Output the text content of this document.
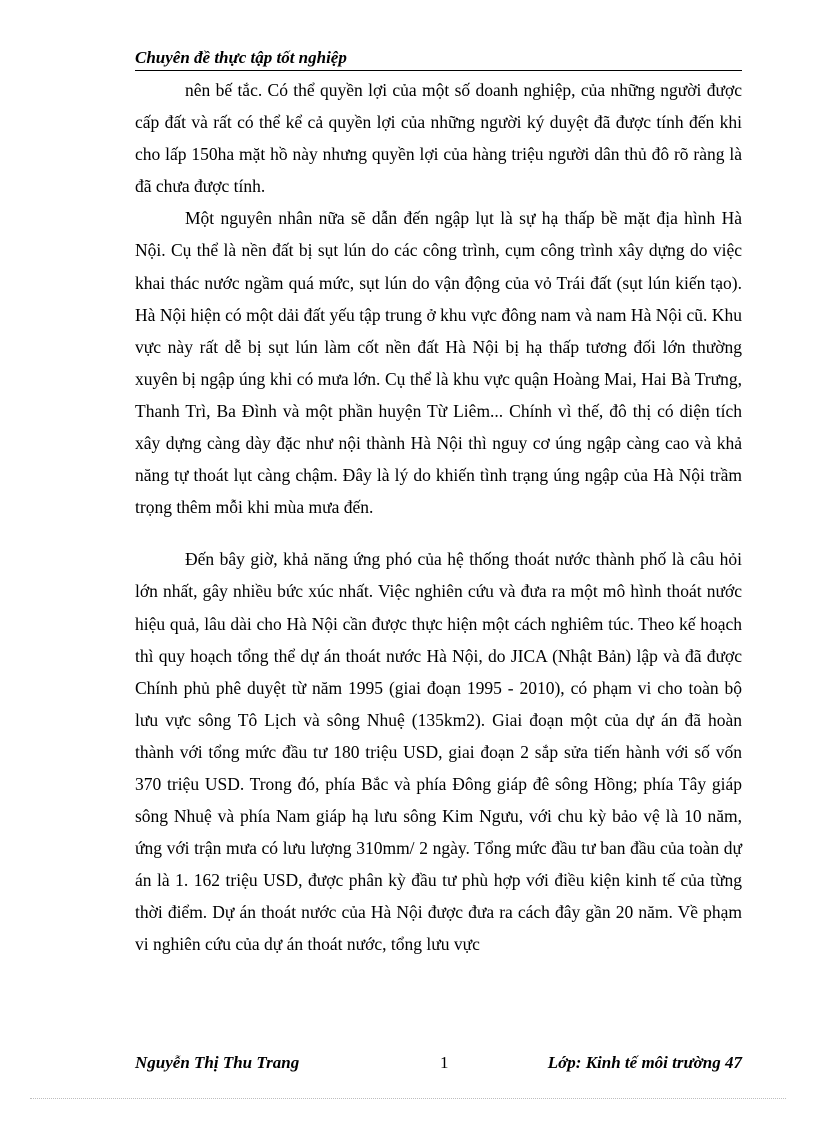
Chuyên đề thực tập tốt nghiệp

nên bế tắc. Có thể quyền lợi của một số doanh nghiệp, của những người được cấp đất và rất có thể kể cả quyền lợi của những người ký duyệt đã được tính đến khi cho lấp 150ha mặt hồ này nhưng quyền lợi của hàng triệu người dân thủ đô rõ ràng là đã chưa được tính.

Một nguyên nhân nữa sẽ dẫn đến ngập lụt là sự hạ thấp bề mặt địa hình Hà Nội. Cụ thể là nền đất bị sụt lún do các công trình, cụm công trình xây dựng do việc khai thác nước ngầm quá mức, sụt lún do vận động của vỏ Trái đất (sụt lún kiến tạo). Hà Nội hiện có một dải đất yếu tập trung ở khu vực đông nam và nam Hà Nội cũ. Khu vực này rất dễ bị sụt lún làm cốt nền đất Hà Nội bị hạ thấp tương đối lớn thường xuyên bị ngập úng khi có mưa lớn. Cụ thể là khu vực quận Hoàng Mai, Hai Bà Trưng, Thanh Trì, Ba Đình và một phần huyện Từ Liêm... Chính vì thế, đô thị có diện tích xây dựng càng dày đặc như nội thành Hà Nội thì nguy cơ úng ngập càng cao và khả năng tự thoát lụt càng chậm. Đây là lý do khiến tình trạng úng ngập của Hà Nội trầm trọng thêm mỗi khi mùa mưa đến.

Đến bây giờ, khả năng ứng phó của hệ thống thoát nước thành phố là câu hỏi lớn nhất, gây nhiều bức xúc nhất. Việc nghiên cứu và đưa ra một mô hình thoát nước hiệu quả, lâu dài cho Hà Nội cần được thực hiện một cách nghiêm túc. Theo kế hoạch thì quy hoạch tổng thể dự án thoát nước Hà Nội, do JICA (Nhật Bản) lập và đã được Chính phủ phê duyệt từ năm 1995 (giai đoạn 1995 - 2010), có phạm vi cho toàn bộ lưu vực sông Tô Lịch và sông Nhuệ (135km2). Giai đoạn một của dự án đã hoàn thành với tổng mức đầu tư 180 triệu USD, giai đoạn 2 sắp sửa tiến hành với số vốn 370 triệu USD. Trong đó, phía Bắc và phía Đông giáp đê sông Hồng; phía Tây giáp sông Nhuệ và phía Nam giáp hạ lưu sông Kim Ngưu, với chu kỳ bảo vệ là 10 năm, ứng với trận mưa có lưu lượng 310mm/ 2 ngày. Tổng mức đầu tư ban đầu của toàn dự án là 1. 162 triệu USD, được phân kỳ đầu tư phù hợp với điều kiện kinh tế của từng thời điểm. Dự án thoát nước của Hà Nội được đưa ra cách đây gần 20 năm. Về phạm vi nghiên cứu của dự án thoát nước, tổng lưu vực

Nguyễn Thị Thu Trang	1	Lớp: Kinh tế môi trường 47
